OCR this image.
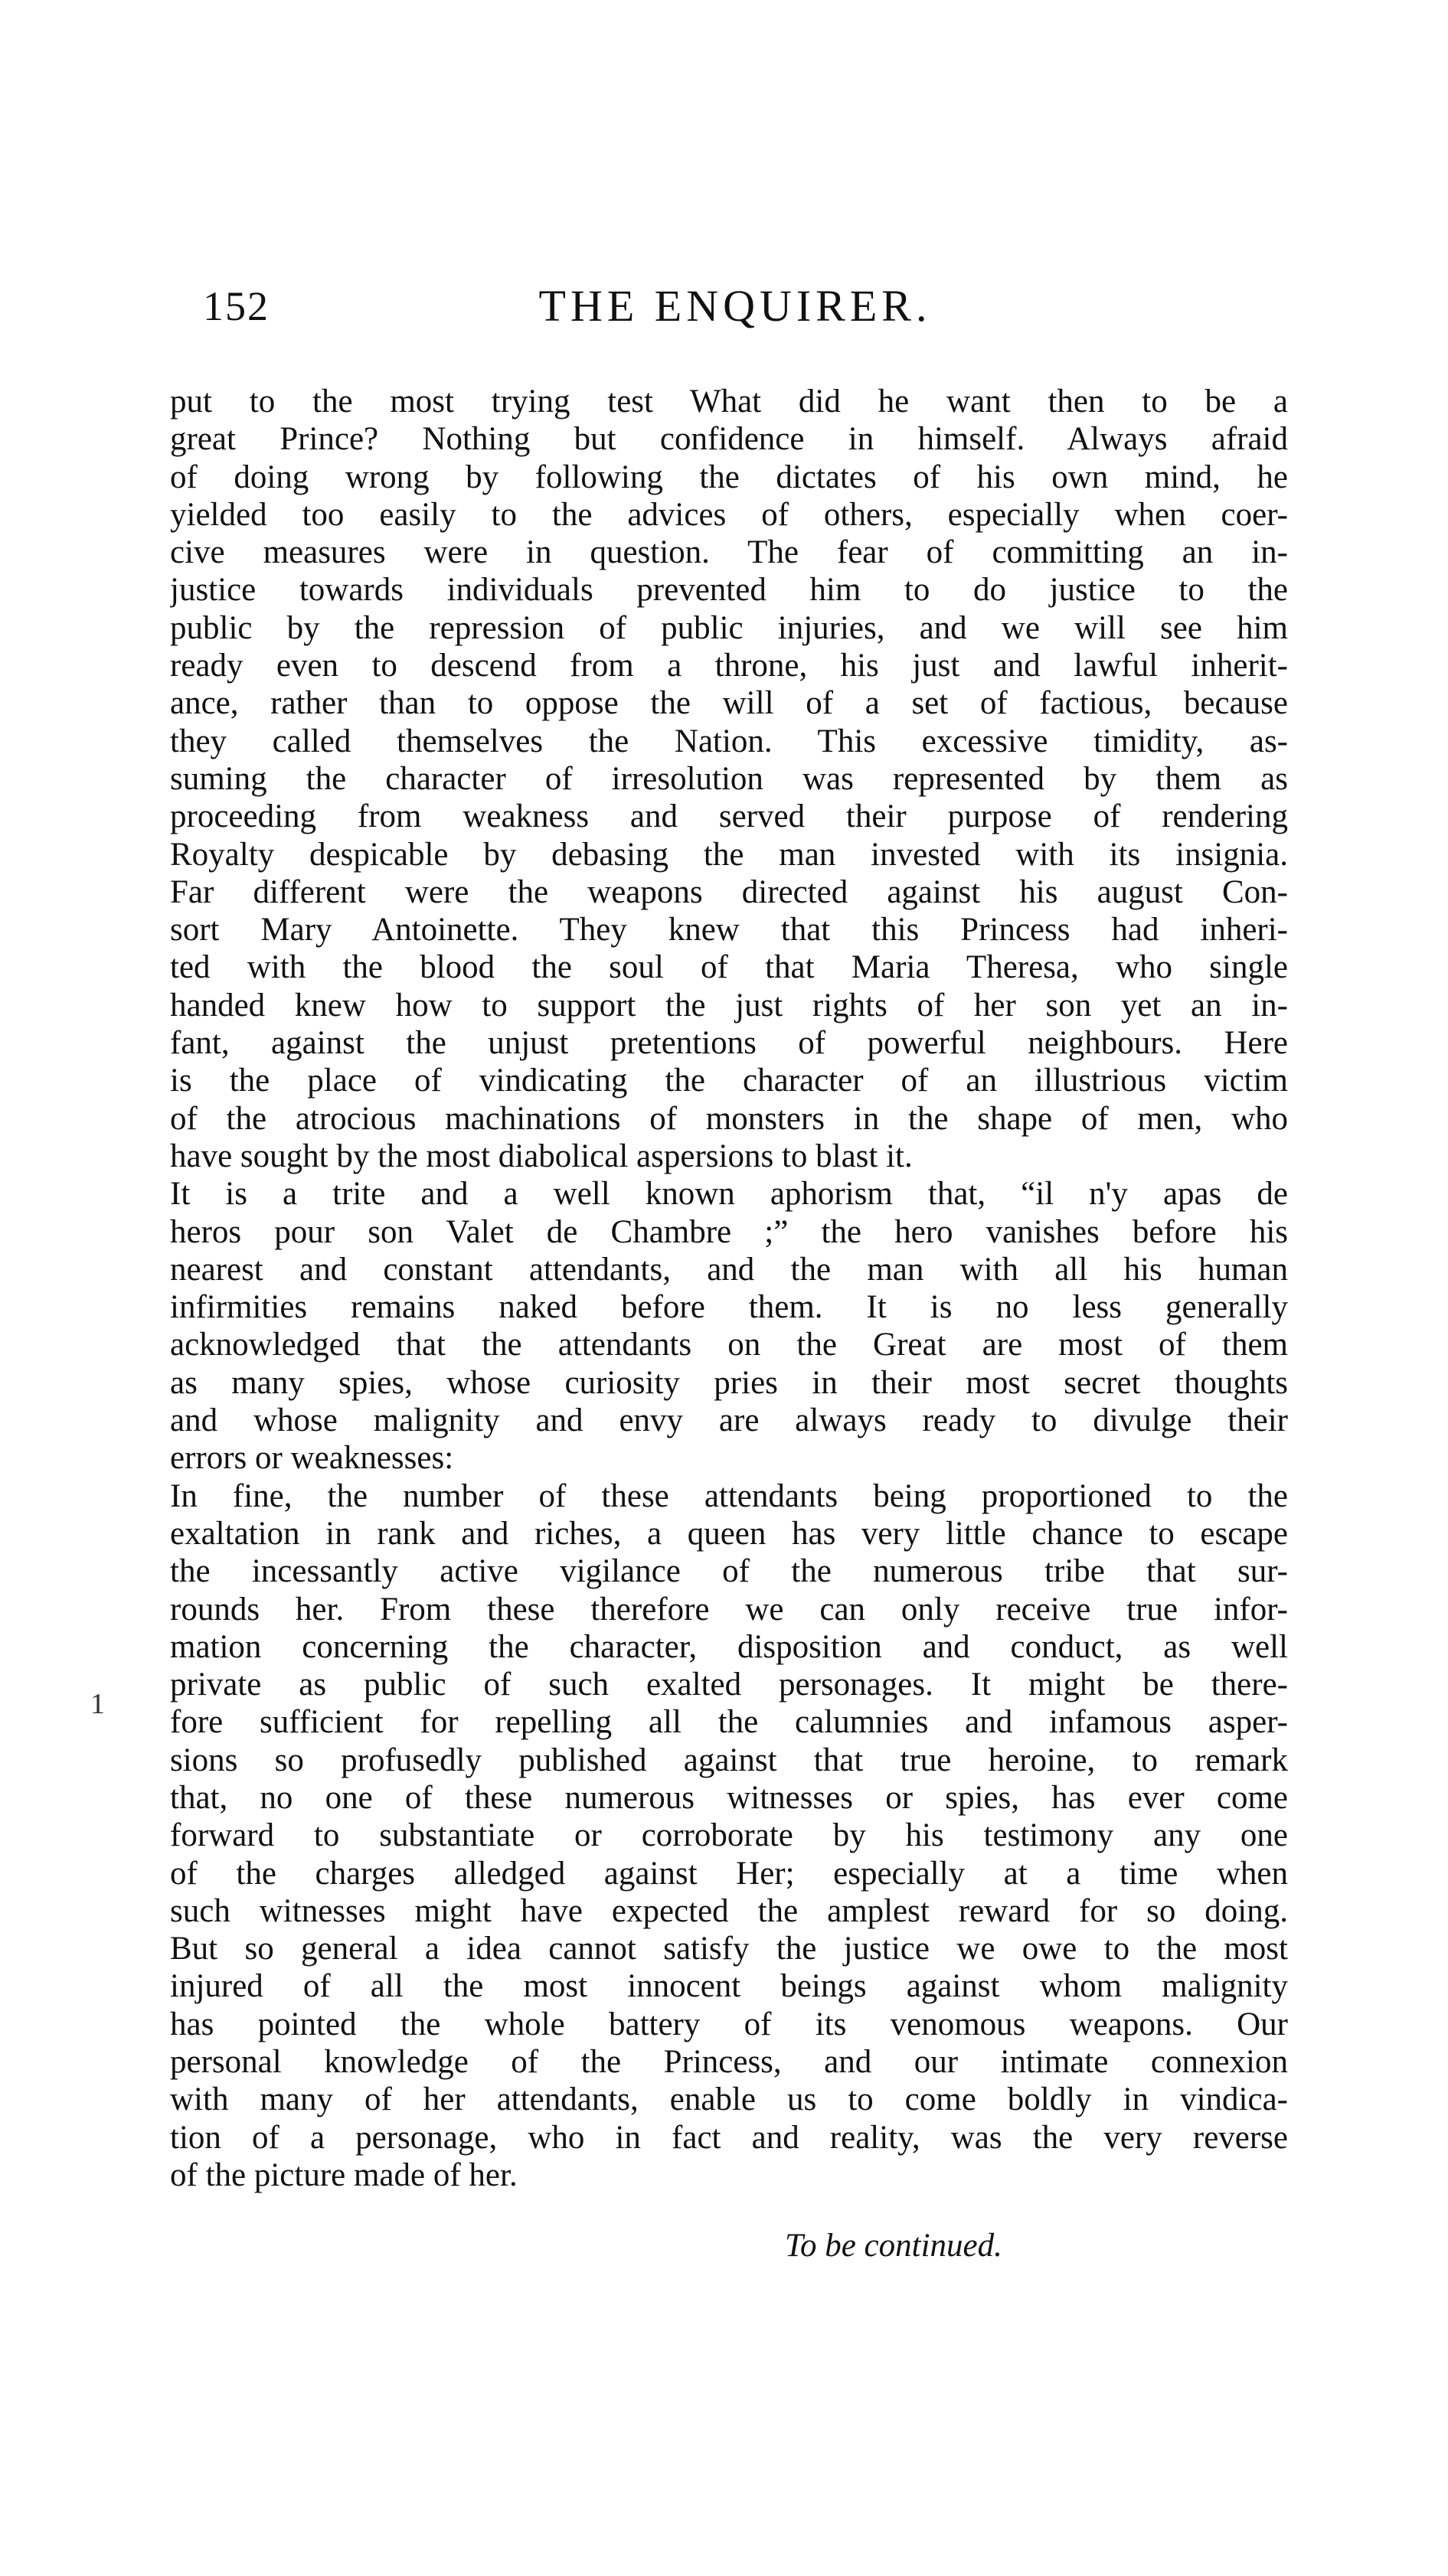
152	THE ENQUIRER.
1
put to the most trying test What did he want then to be a
great Prince? Nothing but confidence in himself. Always afraid
of doing wrong by following the dictates of his own mind, he
yielded too easily to the advices of others, especially when coer-
cive measures were in question. The fear of committing an in-
justice towards individuals prevented him to do justice to the
public by the repression of public injuries, and we will see him
ready even to descend from a throne, his just and lawful inherit-
ance, rather than to oppose the will of a set of factious, because
they called themselves the Nation. This excessive timidity, as-
suming the character of irresolution was represented by them as
proceeding from weakness and served their purpose of rendering
Royalty despicable by debasing the man invested with its insignia.
Far different were the weapons directed against his august Con-
sort Mary Antoinette. They knew that this Princess had inheri-
ted with the blood the soul of that Maria Theresa, who single
handed knew how to support the just rights of her son yet an in-
fant, against the unjust pretentions of powerful neighbours. Here
is the place of vindicating the character of an illustrious victim
of the atrocious machinations of monsters in the shape of men, who
have sought by the most diabolical aspersions to blast it.
It is a trite and a well known aphorism that, “il n'y apas de
heros pour son Valet de Chambre ;” the hero vanishes before his
nearest and constant attendants, and the man with all his human
infirmities remains naked before them. It is no less generally
acknowledged that the attendants on the Great are most of them
as many spies, whose curiosity pries in their most secret thoughts
and whose malignity and envy are always ready to divulge their
errors or weaknesses:
In fine, the number of these attendants being proportioned to the
exaltation in rank and riches, a queen has very little chance to escape
the incessantly active vigilance of the numerous tribe that sur-
rounds her. From these therefore we can only receive true infor-
mation concerning the character, disposition and conduct, as well
private as public of such exalted personages. It might be there-
fore sufficient for repelling all the calumnies and infamous asper-
sions so profusedly published against that true heroine, to remark
that, no one of these numerous witnesses or spies, has ever come
forward to substantiate or corroborate by his testimony any one
of the charges alledged against Her; especially at a time when
such witnesses might have expected the amplest reward for so doing.
But so general a idea cannot satisfy the justice we owe to the most
injured of all the most innocent beings against whom malignity
has pointed the whole battery of its venomous weapons. Our
personal knowledge of the Princess, and our intimate connexion
with many of her attendants, enable us to come boldly in vindica-
tion of a personage, who in fact and reality, was the very reverse
of the picture made of her.
To be continued.
